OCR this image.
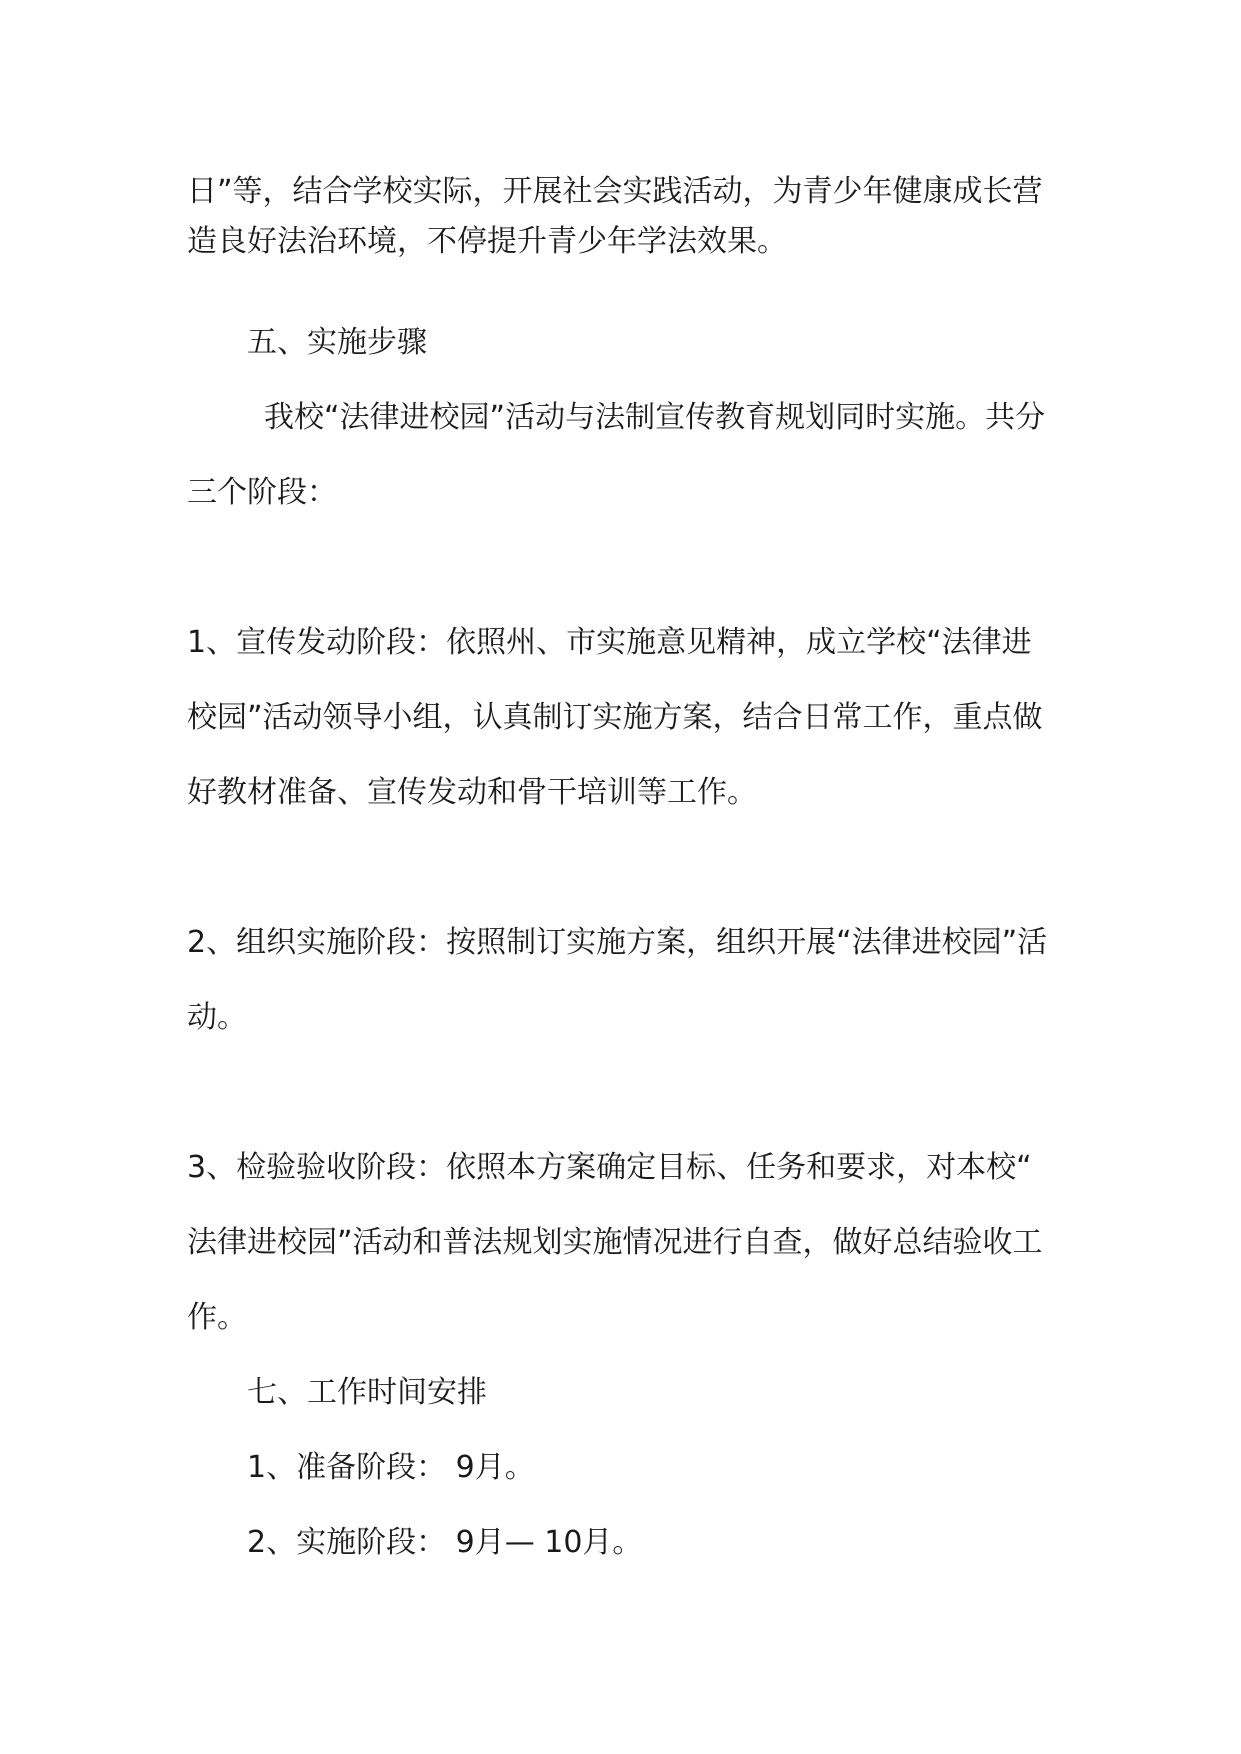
日”等，结合学校实际，开展社会实践活动，为青少年健康成长营
造良好法治环境，不停提升青少年学法效果。
五、实施步骤
我校“法律进校园”活动与法制宣传教育规划同时实施。共分
三个阶段：
1、宣传发动阶段：依照州、市实施意见精神，成立学校“法律进
校园”活动领导小组，认真制订实施方案，结合日常工作，重点做
好教材准备、宣传发动和骨干培训等工作。
2、组织实施阶段：按照制订实施方案，组织开展“法律进校园”活
动。
3、检验验收阶段：依照本方案确定目标、任务和要求，对本校“
法律进校园”活动和普法规划实施情况进行自查，做好总结验收工
作。
七、工作时间安排
1、准备阶段： 9月。
2、实施阶段： 9月— 10月。
